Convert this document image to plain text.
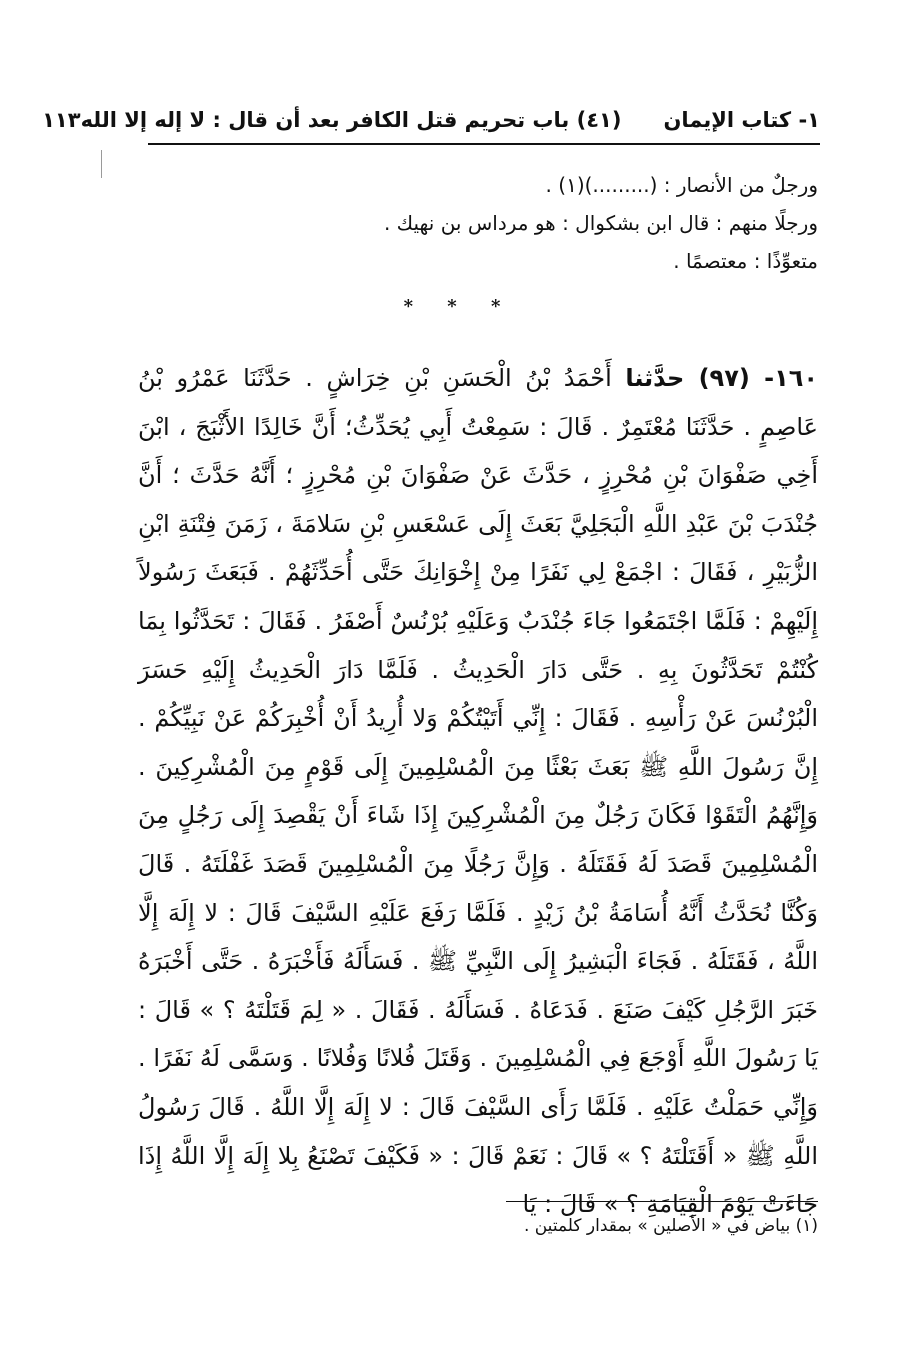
١- كتاب الإيمان
(٤١) باب تحريم قتل الكافر بعد أن قال : لا إله إلا الله
١١٣

ورجلٌ من الأنصار : (.........)(١) .

ورجلًا منهم : قال ابن بشكوال : هو مرداس بن نهيك .

متعوِّذًا : معتصمًا .

* * *
١٦٠- (٩٧) حدَّثنا أَحْمَدُ بْنُ الْحَسَنِ بْنِ خِرَاشٍ . حَدَّثَنَا عَمْرُو بْنُ عَاصِمٍ . حَدَّثَنَا مُعْتَمِرٌ . قَالَ : سَمِعْتُ أَبِي يُحَدِّثُ؛ أَنَّ خَالِدًا الأَثْبَجَ ، ابْنَ أَخِي صَفْوَانَ بْنِ مُحْرِزٍ ، حَدَّثَ عَنْ صَفْوَانَ بْنِ مُحْرِزٍ ؛ أَنَّهُ حَدَّثَ ؛ أَنَّ جُنْدَبَ بْنَ عَبْدِ اللَّهِ الْبَجَلِيَّ بَعَثَ إِلَى عَسْعَسِ بْنِ سَلامَةَ ، زَمَنَ فِتْنَةِ ابْنِ الزُّبَيْرِ ، فَقَالَ : اجْمَعْ لِي نَفَرًا مِنْ إِخْوَانِكَ حَتَّى أُحَدِّثَهُمْ . فَبَعَثَ رَسُولاً إِلَيْهِمْ : فَلَمَّا اجْتَمَعُوا جَاءَ جُنْدَبٌ وَعَلَيْهِ بُرْنُسٌ أَصْفَرُ . فَقَالَ : تَحَدَّثُوا بِمَا كُنْتُمْ تَحَدَّثُونَ بِهِ . حَتَّى دَارَ الْحَدِيثُ . فَلَمَّا دَارَ الْحَدِيثُ إِلَيْهِ حَسَرَ الْبُرْنُسَ عَنْ رَأْسِهِ . فَقَالَ : إِنِّي أَتَيْتُكُمْ وَلا أُرِيدُ أَنْ أُخْبِرَكُمْ عَنْ نَبِيِّكُمْ . إِنَّ رَسُولَ اللَّهِ ﷺ بَعَثَ بَعْثًا مِنَ الْمُسْلِمِينَ إِلَى قَوْمٍ مِنَ الْمُشْرِكِينَ . وَإِنَّهُمُ الْتَقَوْا فَكَانَ رَجُلٌ مِنَ الْمُشْرِكِينَ إِذَا شَاءَ أَنْ يَقْصِدَ إِلَى رَجُلٍ مِنَ الْمُسْلِمِينَ قَصَدَ لَهُ فَقَتَلَهُ . وَإِنَّ رَجُلًا مِنَ الْمُسْلِمِينَ قَصَدَ غَفْلَتَهُ . قَالَ وَكُنَّا نُحَدَّثُ أَنَّهُ أُسَامَةُ بْنُ زَيْدٍ . فَلَمَّا رَفَعَ عَلَيْهِ السَّيْفَ قَالَ : لا إِلَهَ إِلَّا اللَّهُ ، فَقَتَلَهُ . فَجَاءَ الْبَشِيرُ إِلَى النَّبِيِّ ﷺ . فَسَأَلَهُ فَأَخْبَرَهُ . حَتَّى أَخْبَرَهُ خَبَرَ الرَّجُلِ كَيْفَ صَنَعَ . فَدَعَاهُ . فَسَأَلَهُ . فَقَالَ . « لِمَ قَتَلْتَهُ ؟ » قَالَ : يَا رَسُولَ اللَّهِ أَوْجَعَ فِي الْمُسْلِمِينَ . وَقَتَلَ فُلانًا وَفُلانًا . وَسَمَّى لَهُ نَفَرًا . وَإِنِّي حَمَلْتُ عَلَيْهِ . فَلَمَّا رَأَى السَّيْفَ قَالَ : لا إِلَهَ إِلَّا اللَّهُ . قَالَ رَسُولُ اللَّهِ ﷺ « أَقَتَلْتَهُ ؟ » قَالَ : نَعَمْ قَالَ : « فَكَيْفَ تَصْنَعُ بِلا إِلَهَ إِلَّا اللَّهُ إِذَا جَاءَتْ يَوْمَ الْقِيَامَةِ ؟ » قَالَ : يَا
(١) بياض في « الأصلين » بمقدار كلمتين .
